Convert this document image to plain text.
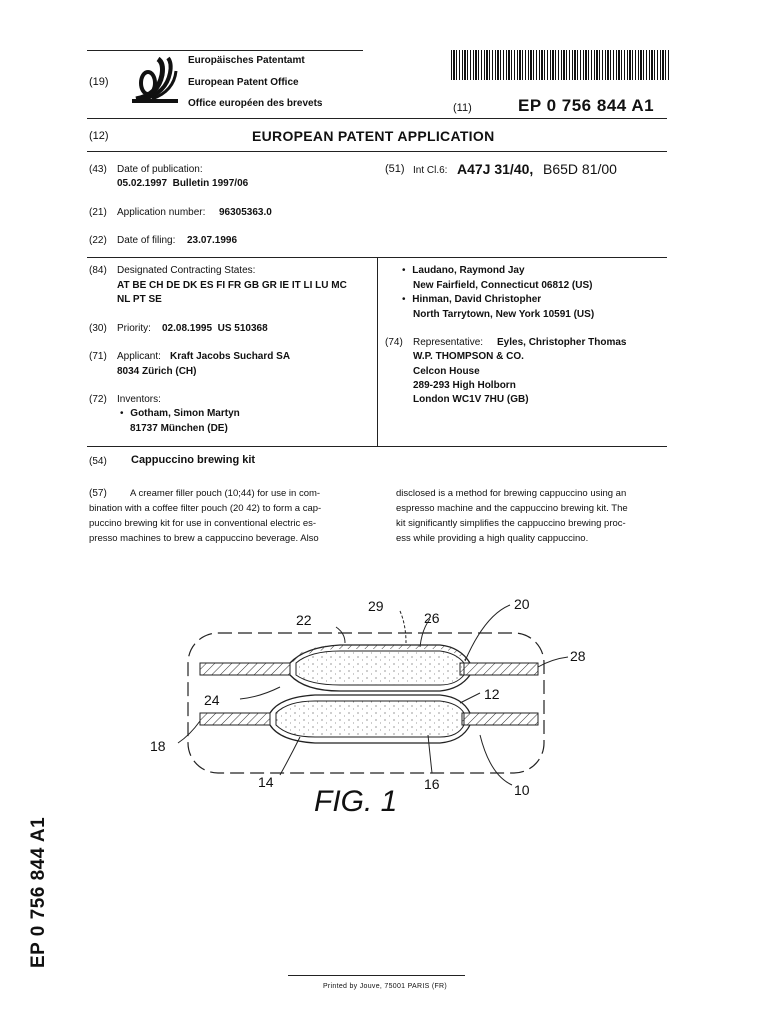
(19)
Europäisches Patentamt
European Patent Office
Office européen des brevets	(11)	EP 0 756 844 A1
(12)	EUROPEAN PATENT APPLICATION
(43) Date of publication:
05.02.1997  Bulletin 1997/06
(51) Int Cl.6: A47J 31/40, B65D 81/00
(21) Application number: 96305363.0
(22) Date of filing: 23.07.1996
(84) Designated Contracting States:
AT BE CH DE DK ES FI FR GB GR IE IT LI LU MC
NL PT SE
(30) Priority: 02.08.1995  US 510368
(71) Applicant: Kraft Jacobs Suchard SA
8034 Zürich (CH)
(72) Inventors:
• Gotham, Simon Martyn
81737 München (DE)
• Laudano, Raymond Jay
New Fairfield, Connecticut 06812 (US)
• Hinman, David Christopher
North Tarrytown, New York 10591 (US)
(74) Representative: Eyles, Christopher Thomas
W.P. THOMPSON & CO.
Celcon House
289-293 High Holborn
London WC1V 7HU (GB)
(54) Cappuccino brewing kit
(57)	A creamer filler pouch (10;44) for use in com-
bination with a coffee filter pouch (20 42) to form a cap-
puccino brewing kit for use in conventional electric es-
presso machines to brew a cappuccino beverage. Also
disclosed is a method for brewing cappuccino using an
espresso machine and the cappuccino brewing kit. The
kit significantly simplifies the cappuccino brewing proc-
ess while providing a high quality cappuccino.
22
29
26
20
28
24	12
18
14	16	10
FIG. 1
EP 0 756 844 A1
Printed by Jouve, 75001 PARIS (FR)
